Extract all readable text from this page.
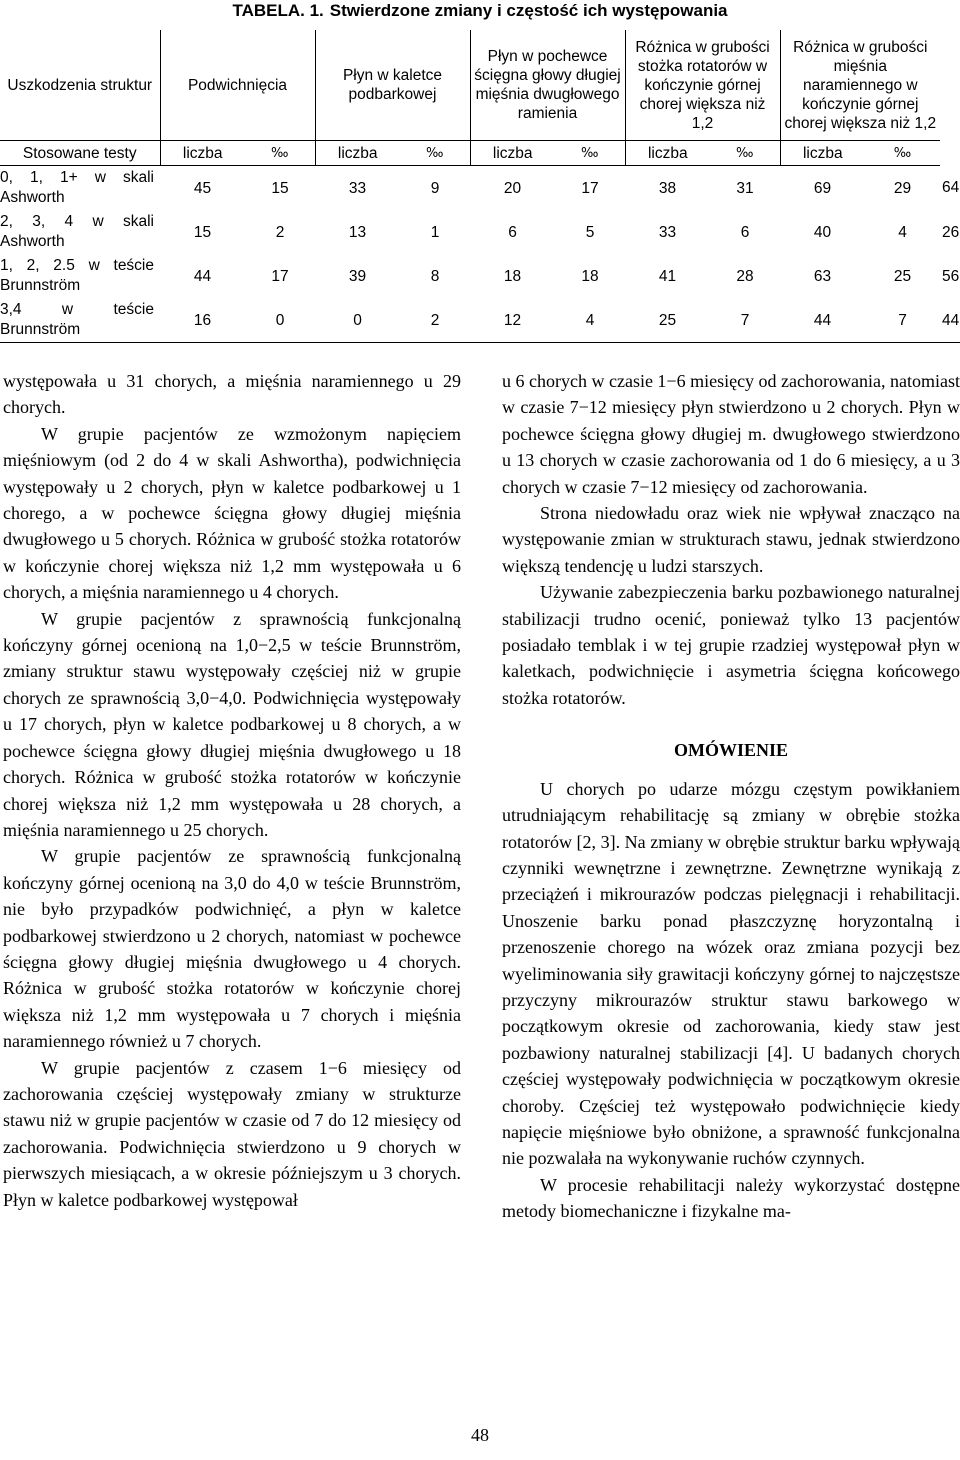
TABELA. 1. Stwierdzone zmiany i częstość ich występowania
Uszkodzenia struktur	Podwichnięcia		Płyn w kaletce podbarkowej		Płyn w pochewce ścięgna głowy długiej mięśnia dwugłowego ramienia		Różnica w grubości stożka rotatorów w kończynie górnej chorej większa niż 1,2		Różnica w grubości mięśnia naramiennego w kończynie górnej chorej większa niż 1,2		
Stosowane testy	liczba	‰	liczba	‰	liczba	‰	liczba	‰	liczba	‰	
0, 1, 1+ w skali Ashworth	45	15	33	9	20	17	38	31	69	29	64
2, 3, 4 w skali Ashworth	15	2	13	1	6	5	33	6	40	4	26
1, 2, 2.5 w teście Brunnström	44	17	39	8	18	18	41	28	63	25	56
3,4 w teście Brunnström	16	0	0	2	12	4	25	7	44	7	44

występowała u 31 chorych, a mięśnia naramiennego u 29 chorych.

W grupie pacjentów ze wzmożonym napięciem mięśniowym (od 2 do 4 w skali Ashwortha), podwichnięcia występowały u 2 chorych, płyn w kaletce podbarkowej u 1 chorego, a w pochewce ścięgna głowy długiej mięśnia dwugłowego u 5 chorych. Różnica w grubość stożka rotatorów w kończynie chorej większa niż 1,2 mm występowała u 6 chorych, a mięśnia naramiennego u 4 chorych.

W grupie pacjentów z sprawnością funkcjonalną kończyny górnej ocenioną na 1,0−2,5 w teście Brunnström, zmiany struktur stawu występowały częściej niż w grupie chorych ze sprawnością 3,0−4,0. Podwichnięcia występowały u 17 chorych, płyn w kaletce podbarkowej u 8 chorych, a w pochewce ścięgna głowy długiej mięśnia dwugłowego u 18 chorych. Różnica w grubość stożka rotatorów w kończynie chorej większa niż 1,2 mm występowała u 28 chorych, a mięśnia naramiennego u 25 chorych.

W grupie pacjentów ze sprawnością funkcjonalną kończyny górnej ocenioną na 3,0 do 4,0 w teście Brunnström, nie było przypadków podwichnięć, a płyn w kaletce podbarkowej stwierdzono u 2 chorych, natomiast w pochewce ścięgna głowy długiej mięśnia dwugłowego u 4 chorych. Różnica w grubość stożka rotatorów w kończynie chorej większa niż 1,2 mm występowała u 7 chorych i mięśnia naramiennego również u 7 chorych.

W grupie pacjentów z czasem 1−6 miesięcy od zachorowania częściej występowały zmiany w strukturze stawu niż w grupie pacjentów w czasie od 7 do 12 miesięcy od zachorowania. Podwichnięcia stwierdzono u 9 chorych w pierwszych miesiącach, a w okresie późniejszym u 3 chorych. Płyn w kaletce podbarkowej występował

u 6 chorych w czasie 1−6 miesięcy od zachorowania, natomiast w czasie 7−12 miesięcy płyn stwierdzono u 2 chorych. Płyn w pochewce ścięgna głowy długiej m. dwugłowego stwierdzono u 13 chorych w czasie zachorowania od 1 do 6 miesięcy, a u 3 chorych w czasie 7−12 miesięcy od zachorowania.

Strona niedowładu oraz wiek nie wpływał znacząco na występowanie zmian w strukturach stawu, jednak stwierdzono większą tendencję u ludzi starszych.

Używanie zabezpieczenia barku pozbawionego naturalnej stabilizacji trudno ocenić, ponieważ tylko 13 pacjentów posiadało temblak i w tej grupie rzadziej występował płyn w kaletkach, podwichnięcie i asymetria ścięgna końcowego stożka rotatorów.

OMÓWIENIE

U chorych po udarze mózgu częstym powikłaniem utrudniającym rehabilitację są zmiany w obrębie stożka rotatorów [2, 3]. Na zmiany w obrębie struktur barku wpływają czynniki wewnętrzne i zewnętrzne. Zewnętrzne wynikają z przeciążeń i mikrourazów podczas pielęgnacji i rehabilitacji. Unoszenie barku ponad płaszczyznę horyzontalną i przenoszenie chorego na wózek oraz zmiana pozycji bez wyeliminowania siły grawitacji kończyny górnej to najczęstsze przyczyny mikrourazów struktur stawu barkowego w początkowym okresie od zachorowania, kiedy staw jest pozbawiony naturalnej stabilizacji [4]. U badanych chorych częściej występowały podwichnięcia w początkowym okresie choroby. Częściej też występowało podwichnięcie kiedy napięcie mięśniowe było obniżone, a sprawność funkcjonalna nie pozwalała na wykonywanie ruchów czynnych.

W procesie rehabilitacji należy wykorzystać dostępne metody biomechaniczne i fizykalne ma-

48
